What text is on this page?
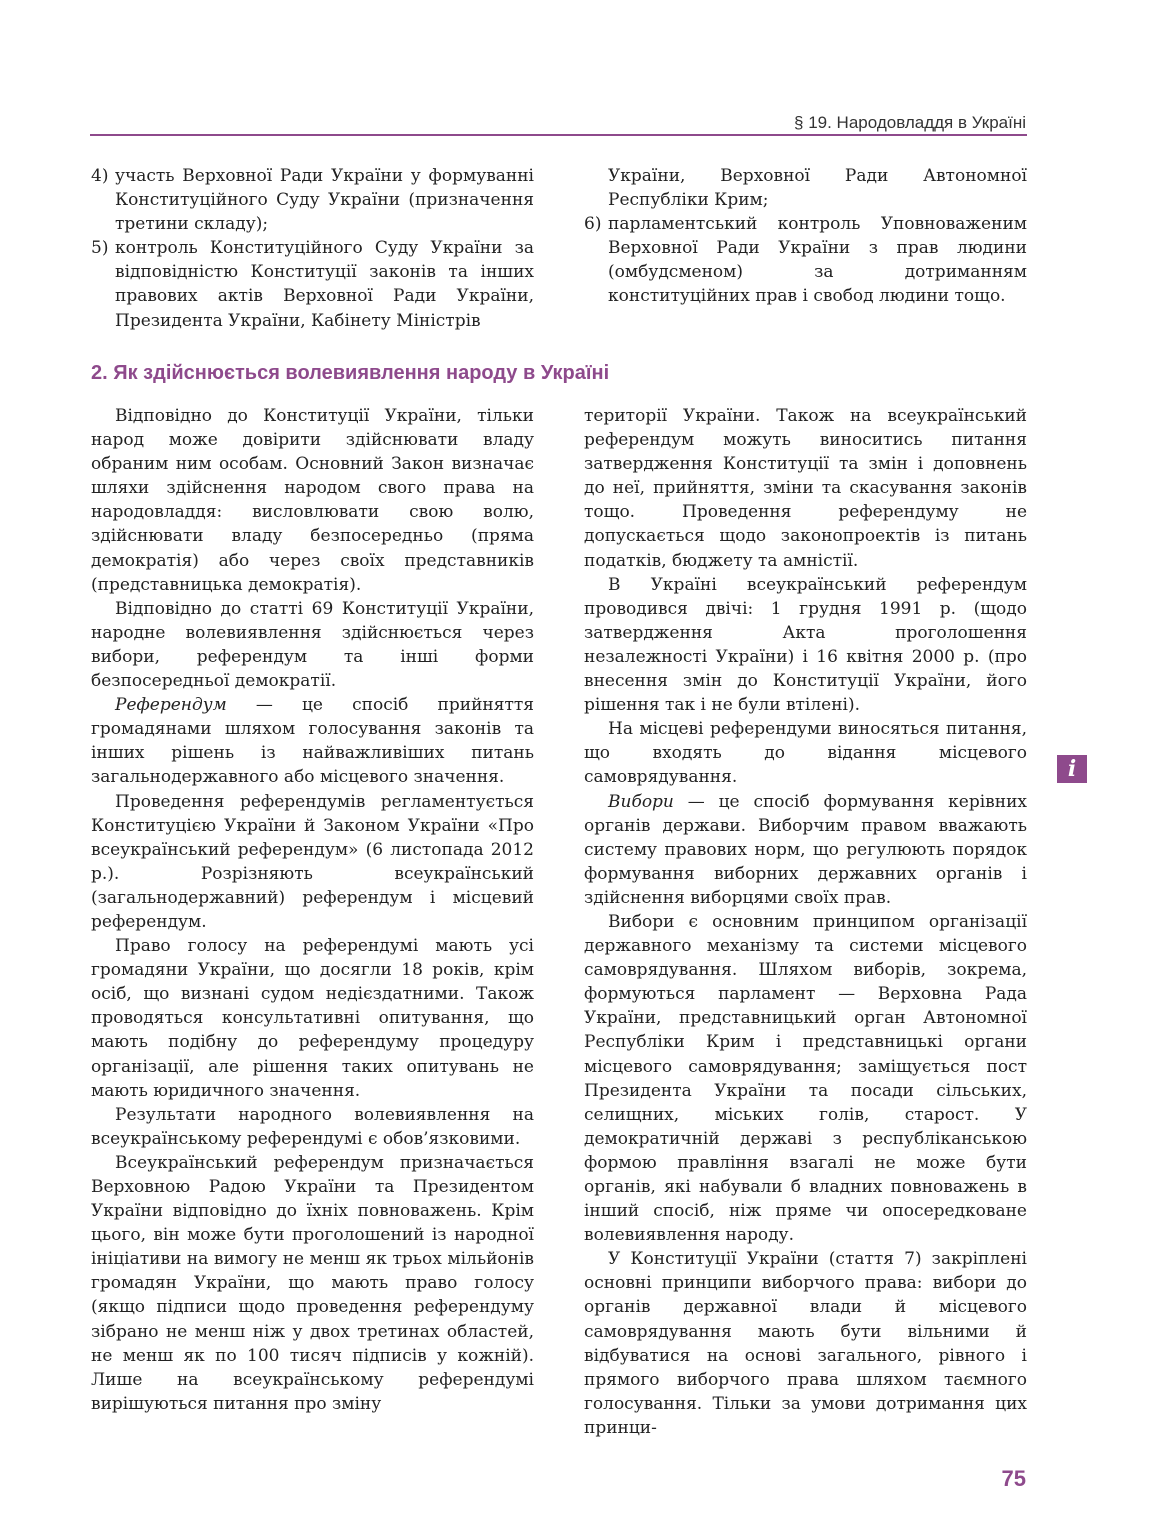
§ 19. Народовладдя в Україні
4) участь Верховної Ради України у формуванні Конституційного Суду України (призначення третини складу);
5) контроль Конституційного Суду України за відповідністю Конституції законів та інших правових актів Верховної Ради України, Президента України, Кабінету Міністрів

України, Верховної Ради Автономної Республіки Крим;

6) парламентський контроль Уповноваженим Верховної Ради України з прав людини (омбудсменом) за дотриманням конституційних прав і свобод людини тощо.
2. Як здійснюється волевиявлення народу в Україні

Відповідно до Конституції України, тільки народ може довірити здійснювати владу обраним ним особам. Основний Закон визначає шляхи здійснення народом свого права на народовладдя: висловлювати свою волю, здійснювати владу безпосередньо (пряма демократія) або через своїх представників (представницька демократія).

Відповідно до статті 69 Конституції України, народне волевиявлення здійснюється через вибори, референдум та інші форми безпосередньої демократії.

Референдум — це спосіб прийняття громадянами шляхом голосування законів та інших рішень із найважливіших питань загальнодержавного або місцевого значення.

Проведення референдумів регламентується Конституцією України й Законом України «Про всеукраїнський референдум» (6 листопада 2012 р.). Розрізняють всеукраїнський (загальнодержавний) референдум і місцевий референдум.

Право голосу на референдумі мають усі громадяни України, що досягли 18 років, крім осіб, що визнані судом недієздатними. Також проводяться консультативні опитування, що мають подібну до референдуму процедуру організації, але рішення таких опитувань не мають юридичного значення.

Результати народного волевиявлення на всеукраїнському референдумі є обов’язковими.

Всеукраїнський референдум призначається Верховною Радою України та Президентом України відповідно до їхніх повноважень. Крім цього, він може бути проголошений із народної ініціативи на вимогу не менш як трьох мільйонів громадян України, що мають право голосу (якщо підписи щодо проведення референдуму зібрано не менш ніж у двох третинах областей, не менш як по 100 тисяч підписів у кожній). Лише на всеукраїнському референдумі вирішуються питання про зміну

території України. Також на всеукраїнський референдум можуть виноситись питання затвердження Конституції та змін і доповнень до неї, прийняття, зміни та скасування законів тощо. Проведення референдуму не допускається щодо законопроектів із питань податків, бюджету та амністії.

В Україні всеукраїнський референдум проводився двічі: 1 грудня 1991 р. (щодо затвердження Акта проголошення незалежності України) і 16 квітня 2000 р. (про внесення змін до Конституції України, його рішення так і не були втілені).

На місцеві референдуми виносяться питання, що входять до відання місцевого самоврядування.

Вибори — це спосіб формування керівних органів держави. Виборчим правом вважають систему правових норм, що регулюють порядок формування виборних державних органів і здійснення виборцями своїх прав.

Вибори є основним принципом організації державного механізму та системи місцевого самоврядування. Шляхом виборів, зокрема, формуються парламент — Верховна Рада України, представницький орган Автономної Республіки Крим і представницькі органи місцевого самоврядування; заміщується пост Президента України та посади сільських, селищних, міських голів, старост. У демократичній державі з республіканською формою правління взагалі не може бути органів, які набували б владних повноважень в інший спосіб, ніж пряме чи опосередковане волевиявлення народу.

У Конституції України (стаття 7) закріплені основні принципи виборчого права: вибори до органів державної влади й місцевого самоврядування мають бути вільними й відбуватися на основі загального, рівного і прямого виборчого права шляхом таємного голосування. Тільки за умови дотримання цих принци-

i
75
